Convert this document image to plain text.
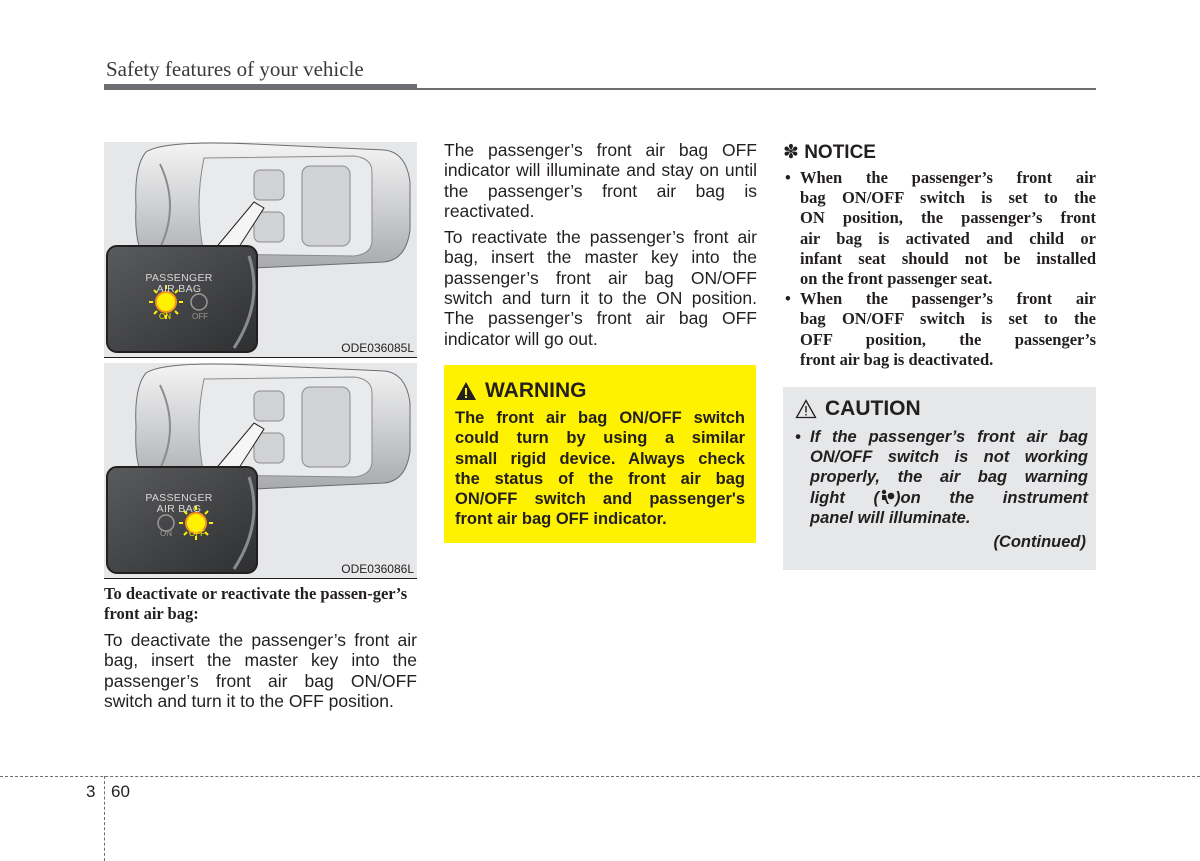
Safety features of your vehicle
PASSENGER
AIR BAG
ON	OFF
ODE036085L
PASSENGER
AIR BAG
ON OFF
ODE036086L
To deactivate or reactivate the passen-ger’s front air bag:

To deactivate the passenger’s front air bag, insert the master key into the passenger’s front air bag ON/OFF switch and turn it to the OFF position.

The passenger’s front air bag OFF indicator will illuminate and stay on until the passenger’s front air bag is reactivated.

To reactivate the passenger’s front air bag, insert the master key into the passenger’s front air bag ON/OFF switch and turn it to the ON position. The passenger’s front air bag OFF indicator will go out.

WARNING
The front air bag ON/OFF switch
could turn by using a similar
small rigid device. Always check
the status of the front air bag
ON/OFF switch and passenger's
front air bag OFF indicator.
✽ NOTICE
• When the passenger’s front air
bag ON/OFF switch is set to the
ON position, the passenger’s front
air bag is activated and child or
infant seat should not be installed
on the front passenger seat.
• When the passenger’s front air
bag ON/OFF switch is set to the
OFF position, the passenger’s
front air bag is deactivated.
CAUTION
• If the passenger’s front air bag
ON/OFF switch is not working
properly, the air bag warning
light ( )on the instrument
panel will illuminate.
(Continued)
3 60
